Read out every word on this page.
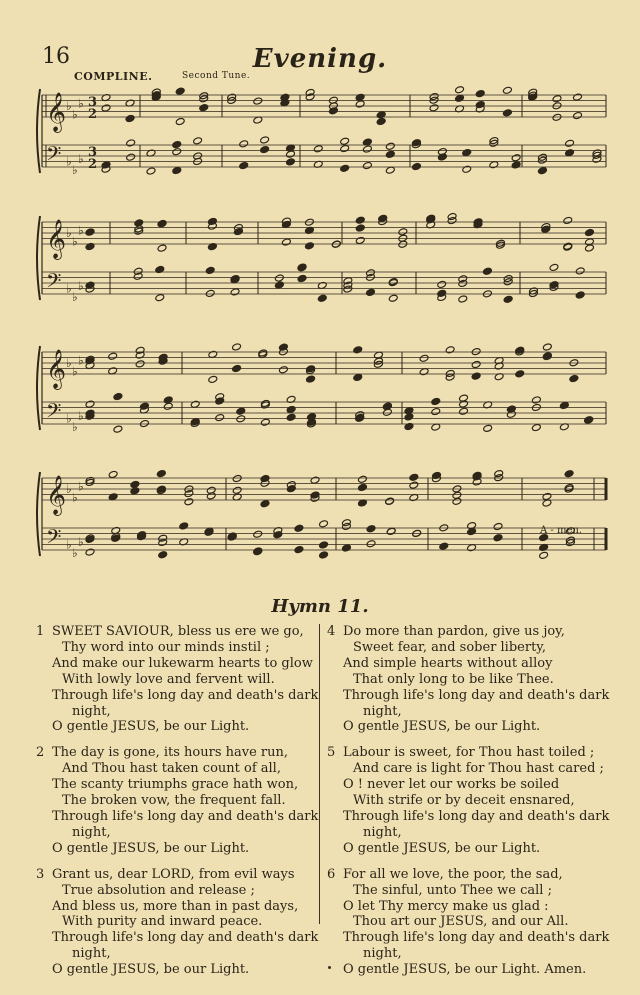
16	Evening.
COMPLINE.	Second Tune.
𝄞 ♭
♭
♭ 3
2
𝄢 ♭
♭
♭ 3
2
𝄞 ♭
♭
♭
𝄢 ♭
♭
♭
𝄞 ♭
♭
♭
𝄢 ♭
♭
♭
𝄞 ♭
♭
♭
𝄢 ♭
♭
♭
A - men.
Hymn 11.
1 SWEET SAVIOUR, bless us ere we go,
Thy word into our minds instil ;
And make our lukewarm hearts to glow
With lowly love and fervent will.
Through life's long day and death's dark
night,
O gentle JESUS, be our Light.
2 The day is gone, its hours have run,
And Thou hast taken count of all,
The scanty triumphs grace hath won,
The broken vow, the frequent fall.
Through life's long day and death's dark
night,
O gentle JESUS, be our Light.
3 Grant us, dear LORD, from evil ways
True absolution and release ;
And bless us, more than in past days,
With purity and inward peace.
Through life's long day and death's dark
night,
O gentle JESUS, be our Light.
4 Do more than pardon, give us joy,
Sweet fear, and sober liberty,
And simple hearts without alloy
That only long to be like Thee.
Through life's long day and death's dark
night,
O gentle JESUS, be our Light.
5 Labour is sweet, for Thou hast toiled ;
And care is light for Thou hast cared ;
O ! never let our works be soiled
With strife or by deceit ensnared,
Through life's long day and death's dark
night,
O gentle JESUS, be our Light.
6 For all we love, the poor, the sad,
The sinful, unto Thee we call ;
O let Thy mercy make us glad :
Thou art our JESUS, and our All.
Through life's long day and death's dark
night,
O gentle JESUS, be our Light. Amen.
